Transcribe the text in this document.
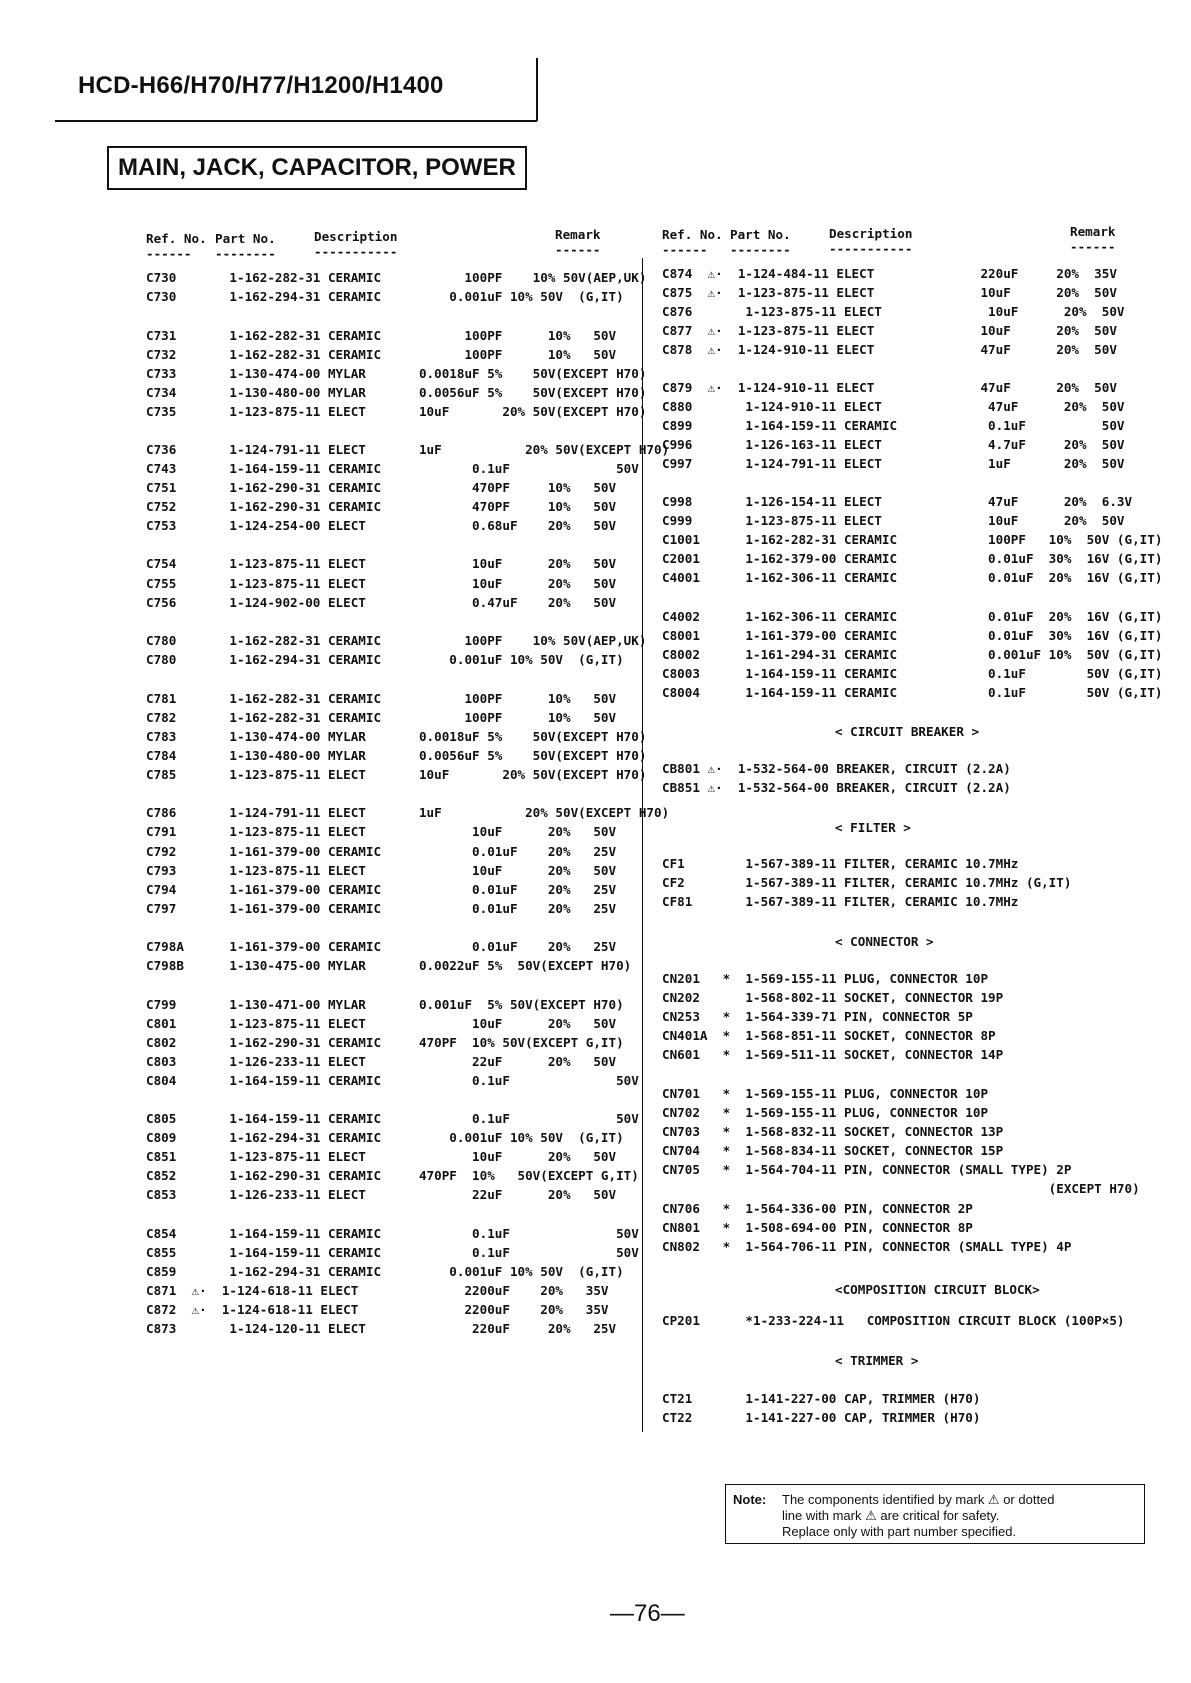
HCD-H66/H70/H77/H1200/H1400
MAIN, JACK, CAPACITOR, POWER
Ref. No. Part No.	Description	Remark
------ --------	-----------	------
Ref. No. Part No.	Description	Remark
------ --------	-----------	------
C730       1-162-282-31 CERAMIC           100PF    10% 50V(AEP,UK)
C730       1-162-294-31 CERAMIC         0.001uF 10% 50V  (G,IT)
C731       1-162-282-31 CERAMIC           100PF      10%   50V
C732       1-162-282-31 CERAMIC           100PF      10%   50V
C733       1-130-474-00 MYLAR       0.0018uF 5%    50V(EXCEPT H70)
C734       1-130-480-00 MYLAR       0.0056uF 5%    50V(EXCEPT H70)
C735       1-123-875-11 ELECT       10uF       20% 50V(EXCEPT H70)
C736       1-124-791-11 ELECT       1uF           20% 50V(EXCEPT H70)
C743       1-164-159-11 CERAMIC            0.1uF              50V
C751       1-162-290-31 CERAMIC            470PF     10%   50V
C752       1-162-290-31 CERAMIC            470PF     10%   50V
C753       1-124-254-00 ELECT              0.68uF    20%   50V
C754       1-123-875-11 ELECT              10uF      20%   50V
C755       1-123-875-11 ELECT              10uF      20%   50V
C756       1-124-902-00 ELECT              0.47uF    20%   50V
C780       1-162-282-31 CERAMIC           100PF    10% 50V(AEP,UK)
C780       1-162-294-31 CERAMIC         0.001uF 10% 50V  (G,IT)
C781       1-162-282-31 CERAMIC           100PF      10%   50V
C782       1-162-282-31 CERAMIC           100PF      10%   50V
C783       1-130-474-00 MYLAR       0.0018uF 5%    50V(EXCEPT H70)
C784       1-130-480-00 MYLAR       0.0056uF 5%    50V(EXCEPT H70)
C785       1-123-875-11 ELECT       10uF       20% 50V(EXCEPT H70)
C786       1-124-791-11 ELECT       1uF           20% 50V(EXCEPT H70)
C791       1-123-875-11 ELECT              10uF      20%   50V
C792       1-161-379-00 CERAMIC            0.01uF    20%   25V
C793       1-123-875-11 ELECT              10uF      20%   50V
C794       1-161-379-00 CERAMIC            0.01uF    20%   25V
C797       1-161-379-00 CERAMIC            0.01uF    20%   25V
C798A      1-161-379-00 CERAMIC            0.01uF    20%   25V
C798B      1-130-475-00 MYLAR       0.0022uF 5%  50V(EXCEPT H70)
C799       1-130-471-00 MYLAR       0.001uF  5% 50V(EXCEPT H70)
C801       1-123-875-11 ELECT              10uF      20%   50V
C802       1-162-290-31 CERAMIC     470PF  10% 50V(EXCEPT G,IT)
C803       1-126-233-11 ELECT              22uF      20%   50V
C804       1-164-159-11 CERAMIC            0.1uF              50V
C805       1-164-159-11 CERAMIC            0.1uF              50V
C809       1-162-294-31 CERAMIC         0.001uF 10% 50V  (G,IT)
C851       1-123-875-11 ELECT              10uF      20%   50V
C852       1-162-290-31 CERAMIC     470PF  10%   50V(EXCEPT G,IT)
C853       1-126-233-11 ELECT              22uF      20%   50V
C854       1-164-159-11 CERAMIC            0.1uF              50V
C855       1-164-159-11 CERAMIC            0.1uF              50V
C859       1-162-294-31 CERAMIC         0.001uF 10% 50V  (G,IT)
C871  ⚠·  1-124-618-11 ELECT              2200uF    20%   35V
C872  ⚠·  1-124-618-11 ELECT              2200uF    20%   35V
C873       1-124-120-11 ELECT              220uF     20%   25V
C874  ⚠·  1-124-484-11 ELECT              220uF     20%  35V
C875  ⚠·  1-123-875-11 ELECT              10uF      20%  50V
C876       1-123-875-11 ELECT              10uF      20%  50V
C877  ⚠·  1-123-875-11 ELECT              10uF      20%  50V
C878  ⚠·  1-124-910-11 ELECT              47uF      20%  50V
C879  ⚠·  1-124-910-11 ELECT              47uF      20%  50V
C880       1-124-910-11 ELECT              47uF      20%  50V
C899       1-164-159-11 CERAMIC            0.1uF          50V
C996       1-126-163-11 ELECT              4.7uF     20%  50V
C997       1-124-791-11 ELECT              1uF       20%  50V
C998       1-126-154-11 ELECT              47uF      20%  6.3V
C999       1-123-875-11 ELECT              10uF      20%  50V
C1001      1-162-282-31 CERAMIC            100PF   10%  50V (G,IT)
C2001      1-162-379-00 CERAMIC            0.01uF  30%  16V (G,IT)
C4001      1-162-306-11 CERAMIC            0.01uF  20%  16V (G,IT)
C4002      1-162-306-11 CERAMIC            0.01uF  20%  16V (G,IT)
C8001      1-161-379-00 CERAMIC            0.01uF  30%  16V (G,IT)
C8002      1-161-294-31 CERAMIC            0.001uF 10%  50V (G,IT)
C8003      1-164-159-11 CERAMIC            0.1uF        50V (G,IT)
C8004      1-164-159-11 CERAMIC            0.1uF        50V (G,IT)
< CIRCUIT BREAKER >
CB801 ⚠·  1-532-564-00 BREAKER, CIRCUIT (2.2A)
CB851 ⚠·  1-532-564-00 BREAKER, CIRCUIT (2.2A)
< FILTER >
CF1        1-567-389-11 FILTER, CERAMIC 10.7MHz
CF2        1-567-389-11 FILTER, CERAMIC 10.7MHz (G,IT)
CF81       1-567-389-11 FILTER, CERAMIC 10.7MHz
< CONNECTOR >
CN201   *  1-569-155-11 PLUG, CONNECTOR 10P
CN202      1-568-802-11 SOCKET, CONNECTOR 19P
CN253   *  1-564-339-71 PIN, CONNECTOR 5P
CN401A  *  1-568-851-11 SOCKET, CONNECTOR 8P
CN601   *  1-569-511-11 SOCKET, CONNECTOR 14P
CN701   *  1-569-155-11 PLUG, CONNECTOR 10P
CN702   *  1-569-155-11 PLUG, CONNECTOR 10P
CN703   *  1-568-832-11 SOCKET, CONNECTOR 13P
CN704   *  1-568-834-11 SOCKET, CONNECTOR 15P
CN705   *  1-564-704-11 PIN, CONNECTOR (SMALL TYPE) 2P
(EXCEPT H70)
CN706   *  1-564-336-00 PIN, CONNECTOR 2P
CN801   *  1-508-694-00 PIN, CONNECTOR 8P
CN802   *  1-564-706-11 PIN, CONNECTOR (SMALL TYPE) 4P
<COMPOSITION CIRCUIT BLOCK>
CP201      *1-233-224-11   COMPOSITION CIRCUIT BLOCK (100P×5)
< TRIMMER >
CT21       1-141-227-00 CAP, TRIMMER (H70)
CT22       1-141-227-00 CAP, TRIMMER (H70)
Note: The components identified by mark ⚠ or dotted
line with mark ⚠ are critical for safety.
Replace only with part number specified.
—76—
